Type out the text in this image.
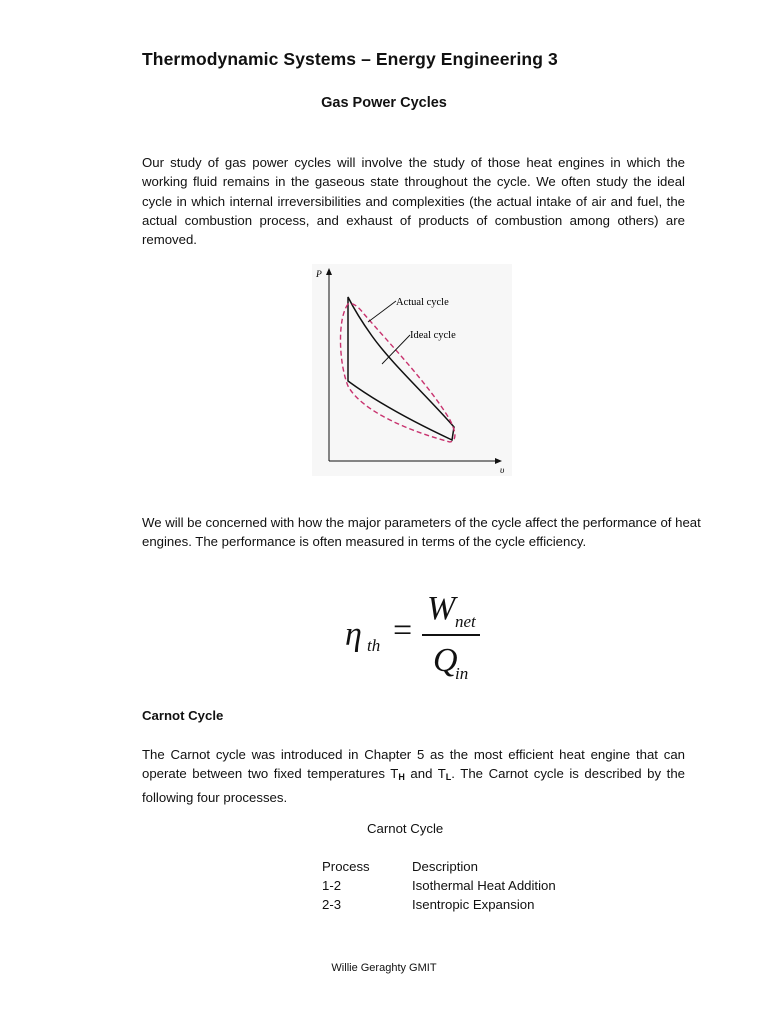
Thermodynamic Systems – Energy Engineering 3
Gas Power Cycles
Our study of gas power cycles will involve the study of those heat engines in which the working fluid remains in the gaseous state throughout the cycle. We often study the ideal cycle in which internal irreversibilities and complexities (the actual intake of air and fuel, the actual combustion process, and exhaust of products of combustion among others) are removed.
P
υ
Actual cycle
Ideal cycle
We will be concerned with how the major parameters of the cycle affect the performance of heat engines. The performance is often measured in terms of the cycle efficiency.
η th =
W net
Q
in
Carnot Cycle
The Carnot cycle was introduced in Chapter 5 as the most efficient heat engine that can operate between two fixed temperatures $T_H$ and $T_L$. The Carnot cycle is described by the following four processes.
Carnot Cycle
Process	Description
1-2	Isothermal Heat Addition
2-3	Isentropic Expansion
Willie Geraghty GMIT
